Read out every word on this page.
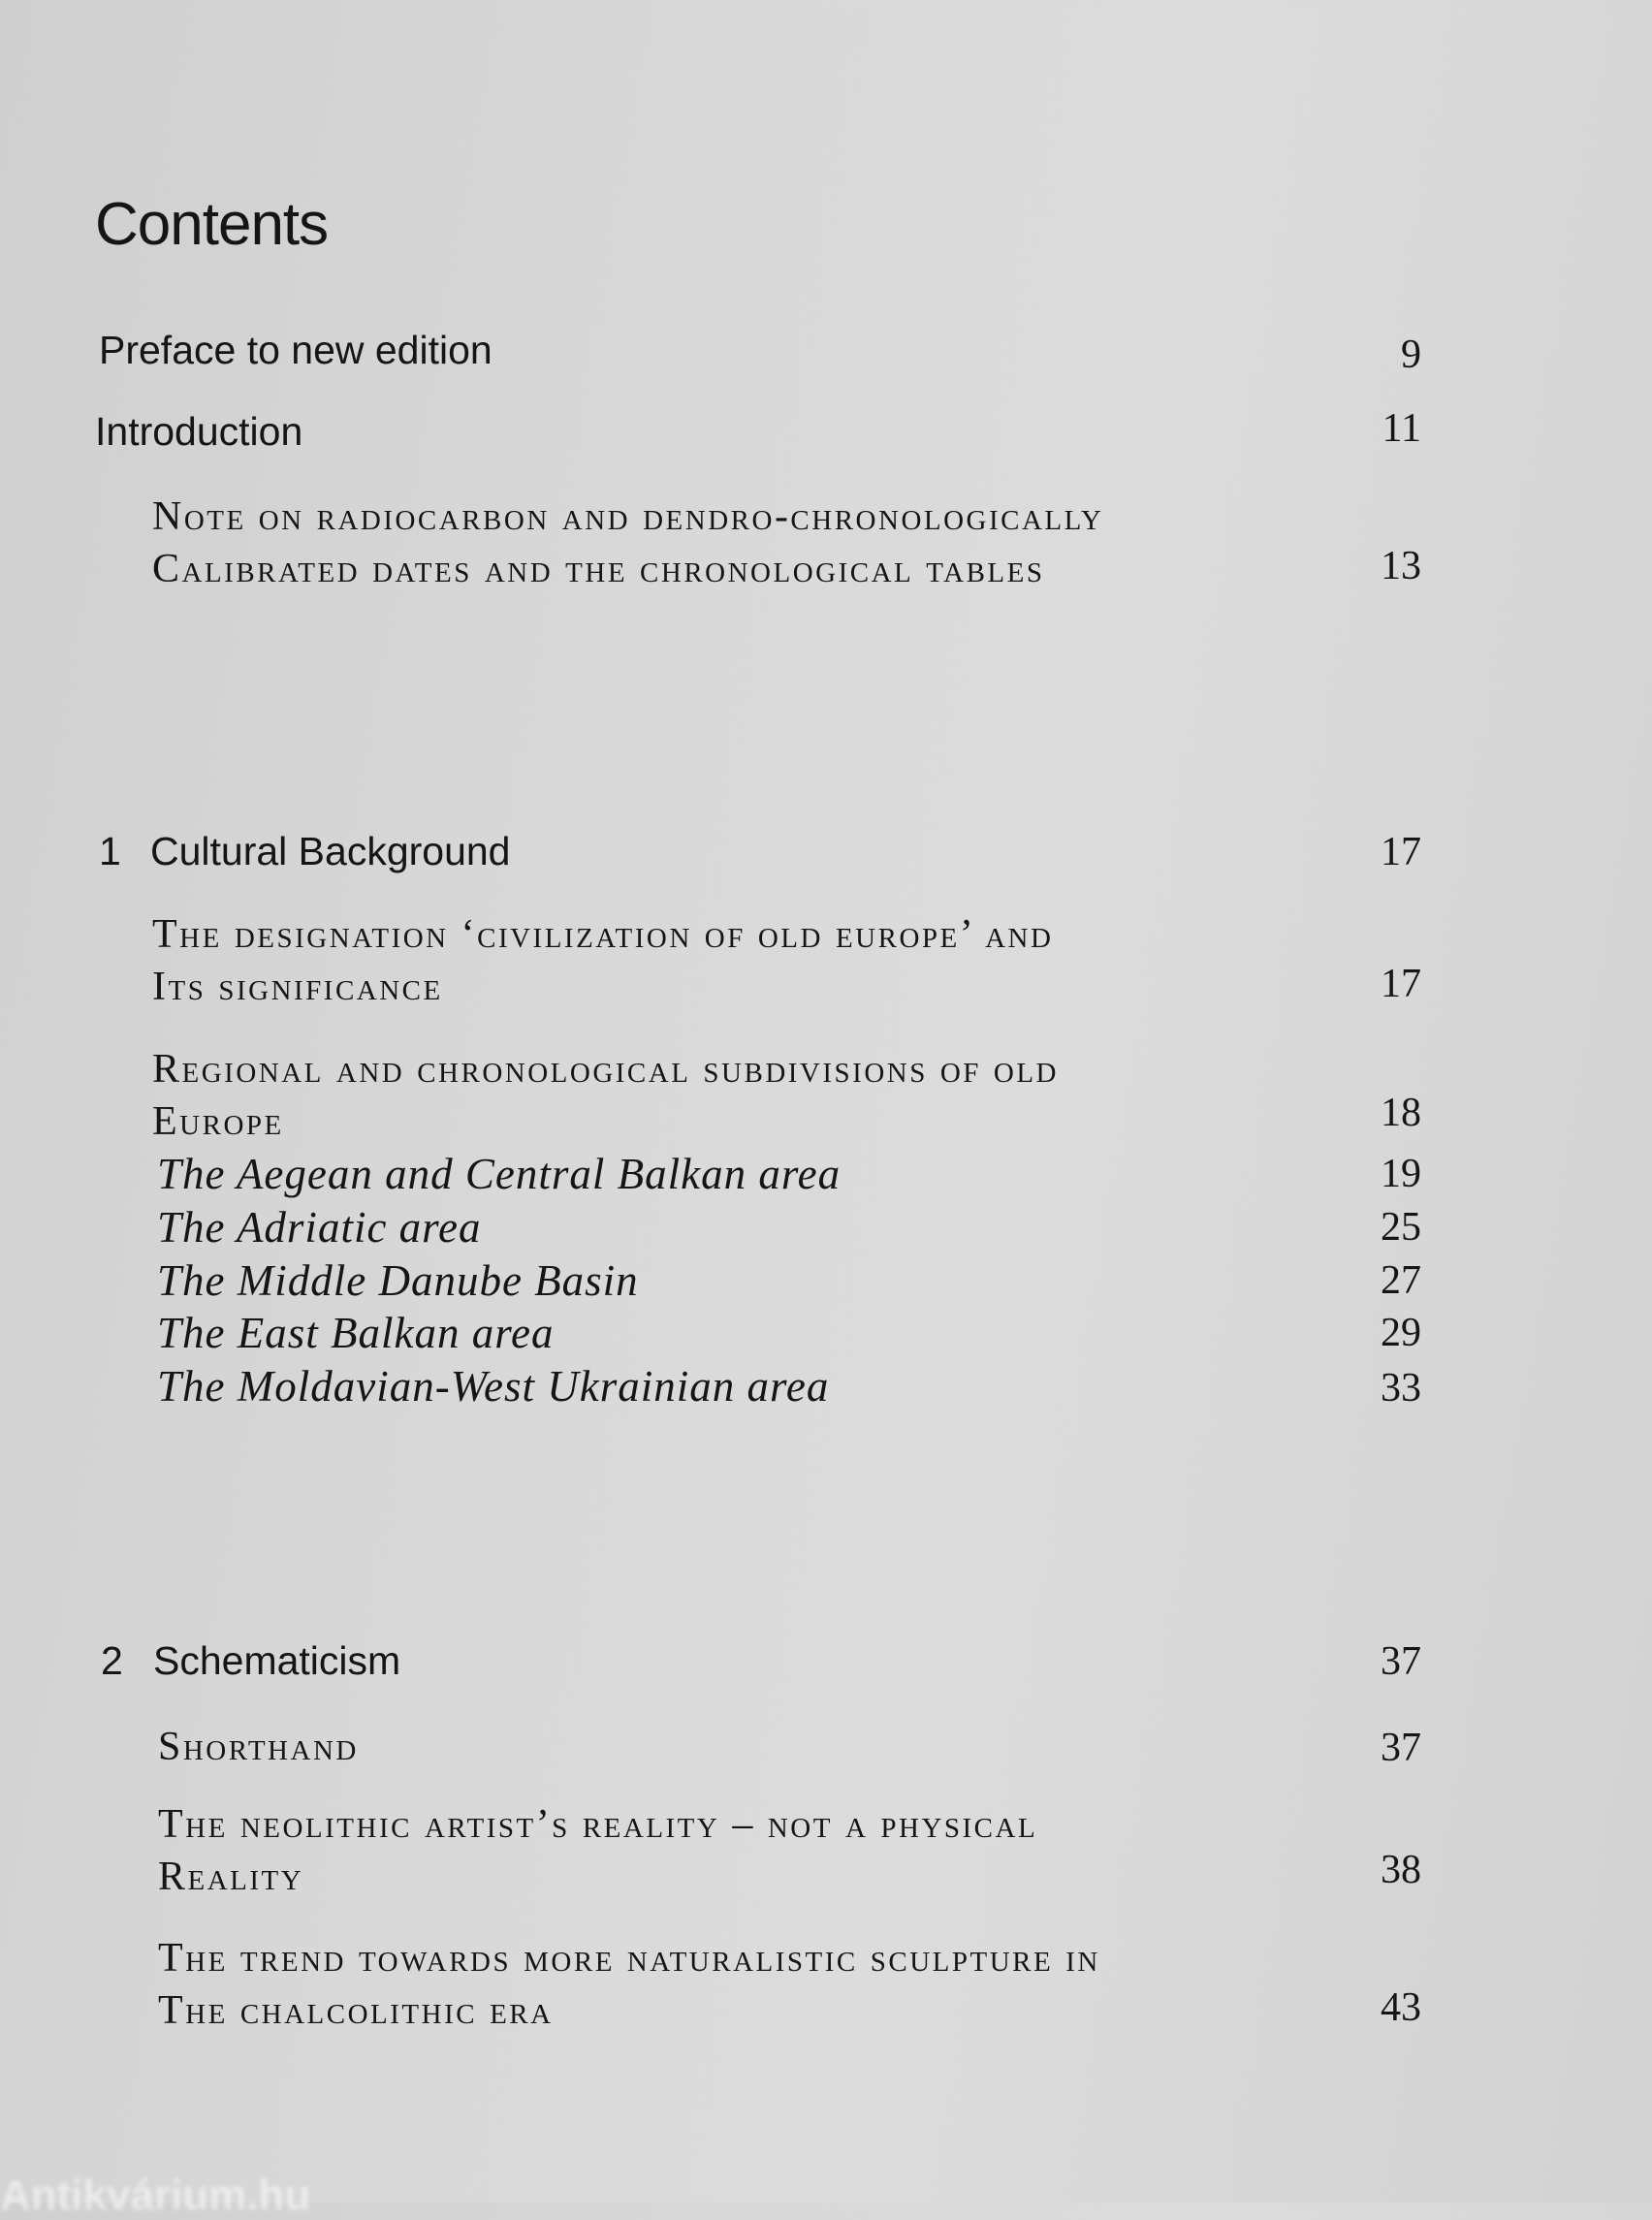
Contents
Preface to new edition	9
Introduction	11
Note on radiocarbon and dendro-chronologically
Calibrated dates and the chronological tables	13
1 Cultural Background	17
The designation ‘civilization of old europe’ and
Its significance	17
Regional and chronological subdivisions of old
Europe	18
The Aegean and Central Balkan area	19
The Adriatic area	25
The Middle Danube Basin	27
The East Balkan area	29
The Moldavian-West Ukrainian area	33
2 Schematicism	37
Shorthand	37
The neolithic artist’s reality – not a physical
Reality	38
The trend towards more naturalistic sculpture in
The chalcolithic era	43
Antikvárium.hu
